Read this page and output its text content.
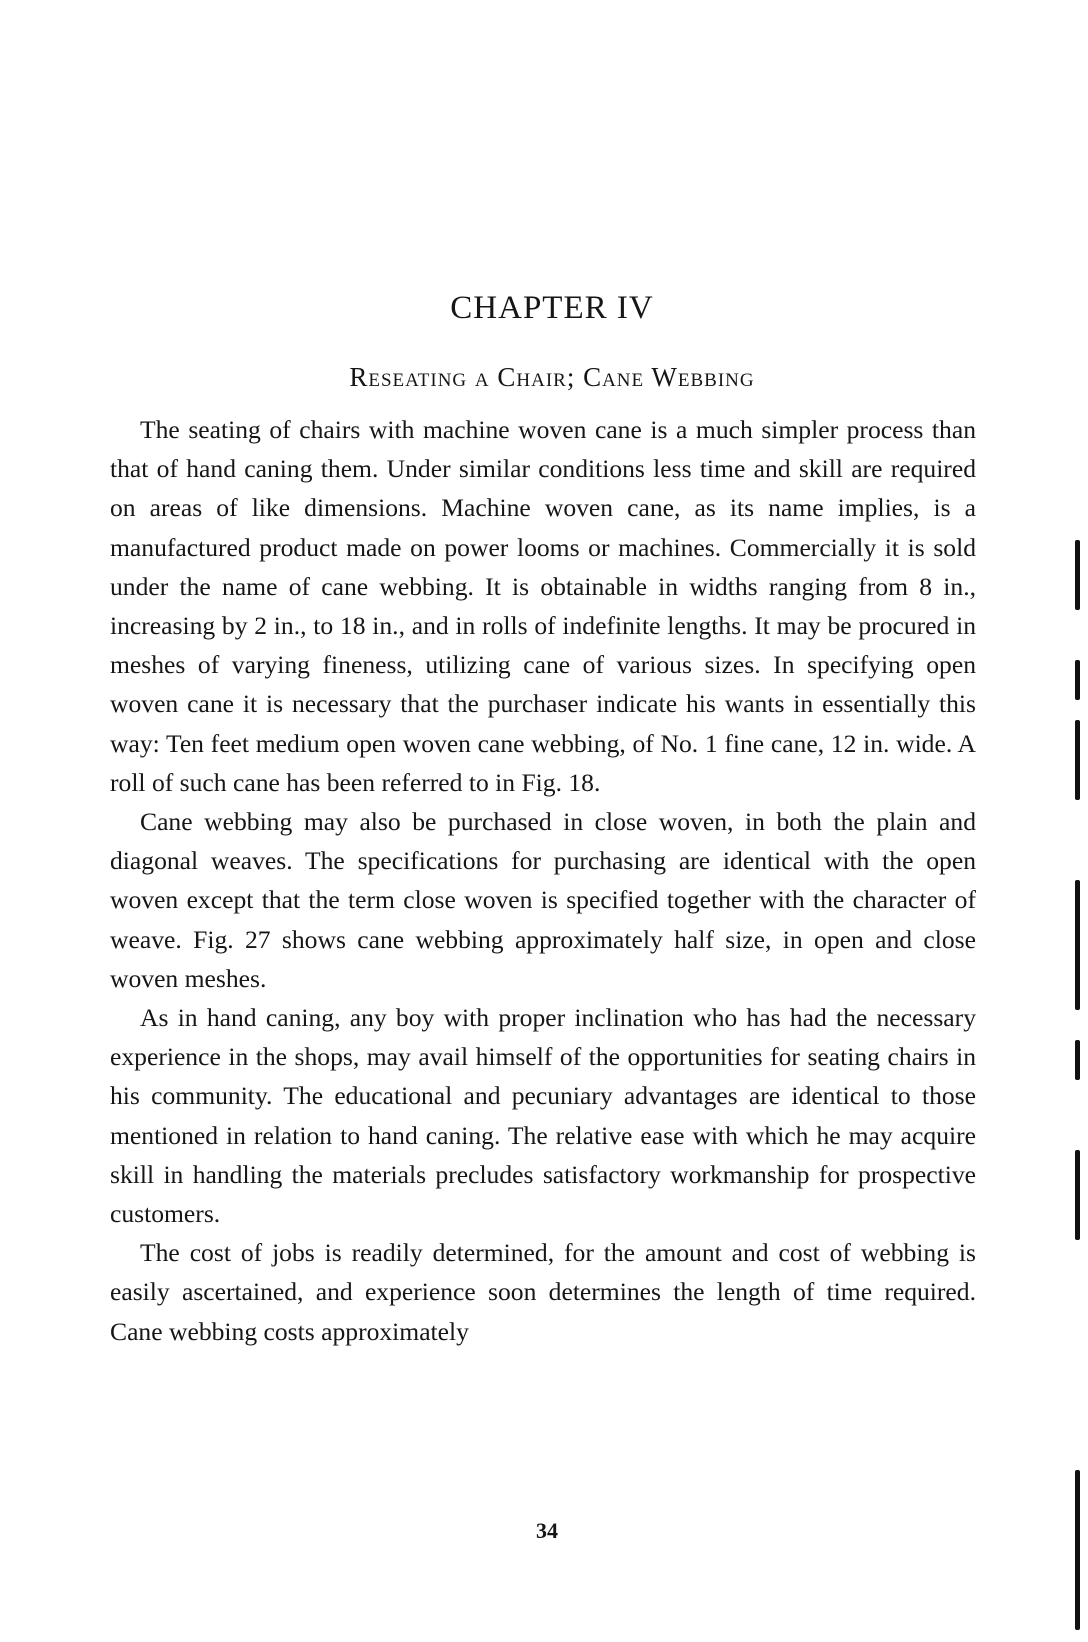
CHAPTER IV
Reseating a Chair; Cane Webbing

The seating of chairs with machine woven cane is a much simpler process than that of hand caning them. Under similar conditions less time and skill are required on areas of like dimensions. Machine woven cane, as its name implies, is a manufactured product made on power looms or machines. Commercially it is sold under the name of cane webbing. It is obtainable in widths ranging from 8 in., increasing by 2 in., to 18 in., and in rolls of indefinite lengths. It may be procured in meshes of varying fineness, utilizing cane of various sizes. In specifying open woven cane it is necessary that the purchaser indicate his wants in essentially this way: Ten feet medium open woven cane webbing, of No. 1 fine cane, 12 in. wide. A roll of such cane has been referred to in Fig. 18.

Cane webbing may also be purchased in close woven, in both the plain and diagonal weaves. The specifications for purchasing are identical with the open woven except that the term close woven is specified together with the character of weave. Fig. 27 shows cane webbing approximately half size, in open and close woven meshes.

As in hand caning, any boy with proper inclination who has had the necessary experience in the shops, may avail himself of the opportunities for seating chairs in his community. The educational and pecuniary advantages are identical to those mentioned in relation to hand caning. The relative ease with which he may acquire skill in handling the materials precludes satisfactory workmanship for prospective customers.

The cost of jobs is readily determined, for the amount and cost of webbing is easily ascertained, and experience soon determines the length of time required. Cane webbing costs approximately

34
